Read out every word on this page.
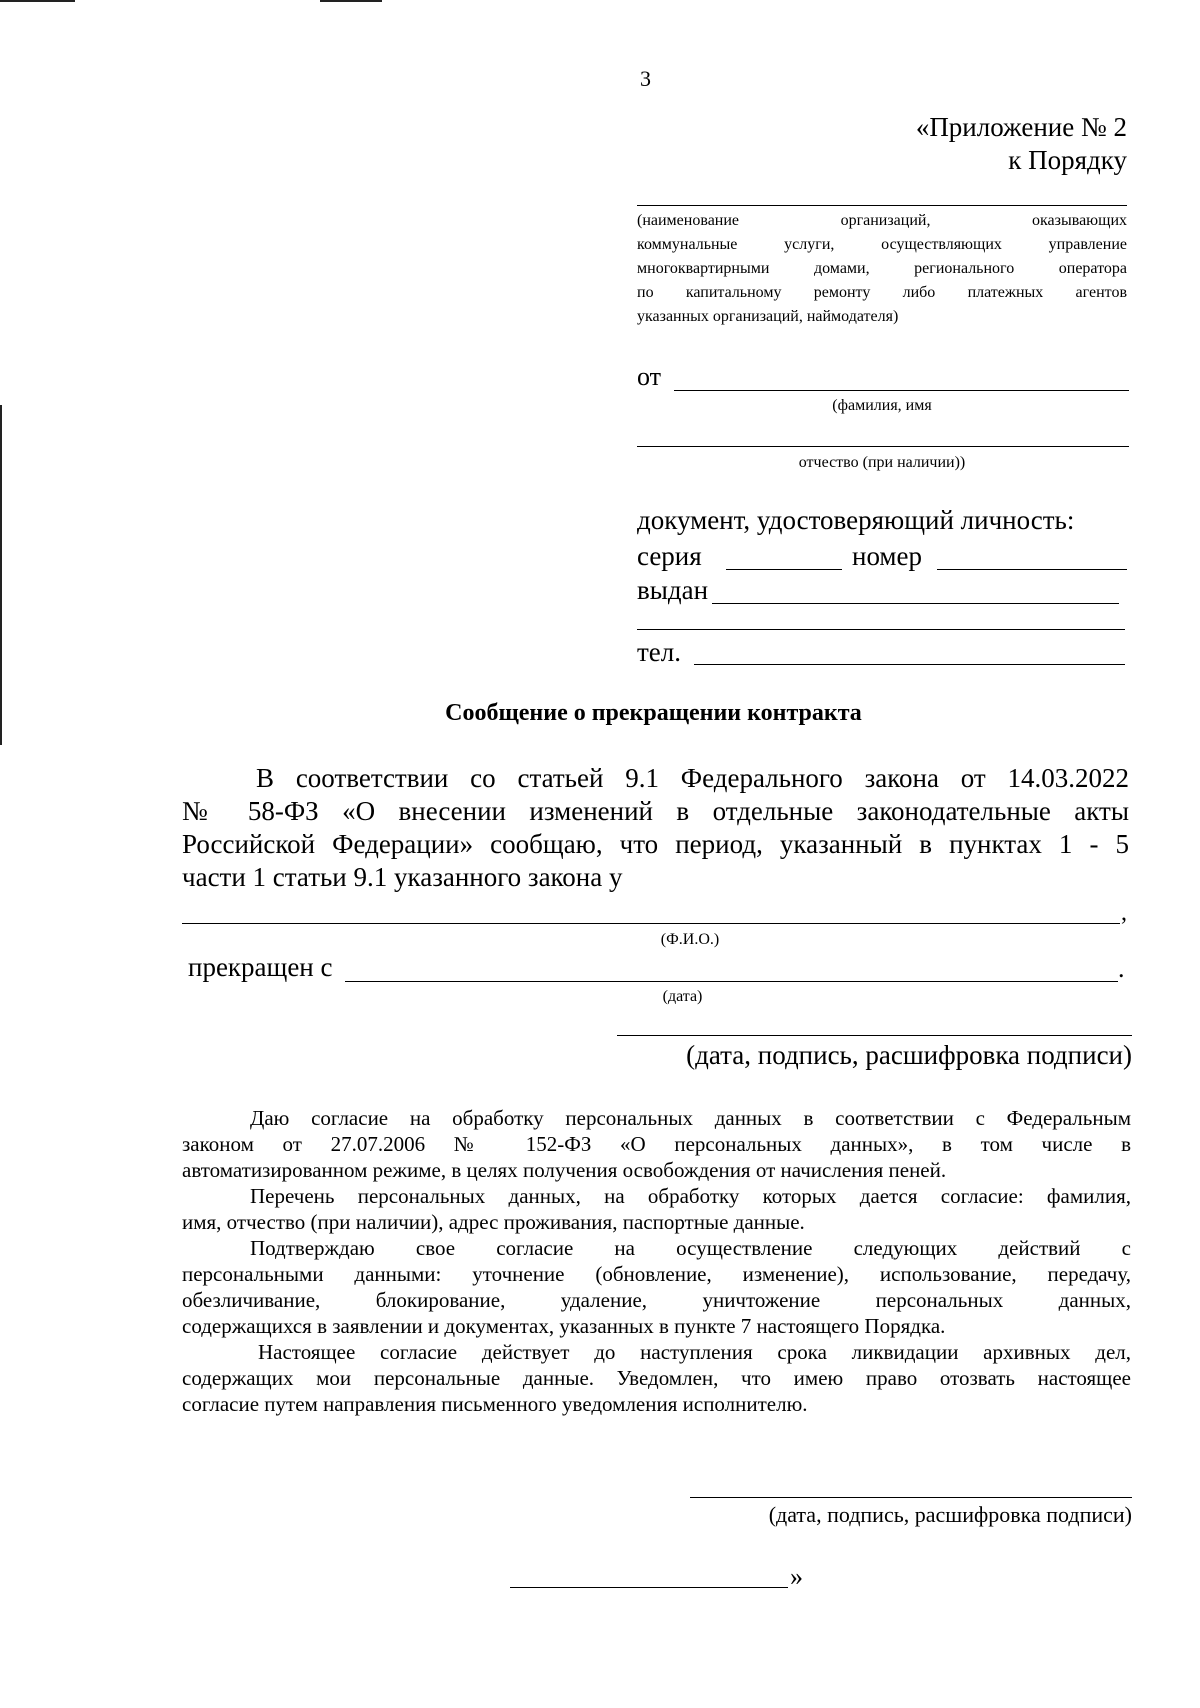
3
«Приложение № 2
к Порядку
(наименование	организаций,	оказывающих
коммунальные услуги, осуществляющих управление
многоквартирными домами, регионального оператора
по капитальному ремонту либо платежных агентов
указанных организаций, наймодателя)
от
(фамилия, имя
отчество (при наличии))
документ, удостоверяющий личность:
серия	номер
выдан
тел.
Сообщение о прекращении контракта
В соответствии со статьей 9.1 Федерального закона от 14.03.2022
№ 58-ФЗ «О внесении изменений в отдельные законодательные акты
Российской Федерации» сообщаю, что период, указанный в пунктах 1 - 5
части 1 статьи 9.1 указанного закона у
,
(Ф.И.О.)
прекращен с	.
(дата)
(дата, подпись, расшифровка подписи)
Даю согласие на обработку персональных данных в соответствии с Федеральным
законом от 27.07.2006 № 152-ФЗ «О персональных данных», в том числе в
автоматизированном режиме, в целях получения освобождения от начисления пеней.
Перечень персональных данных, на обработку которых дается согласие: фамилия,
имя, отчество (при наличии), адрес проживания, паспортные данные.
Подтверждаю свое согласие на осуществление следующих действий с
персональными данными: уточнение (обновление, изменение), использование, передачу,
обезличивание, блокирование, удаление, уничтожение персональных данных,
содержащихся в заявлении и документах, указанных в пункте 7 настоящего Порядка.
Настоящее согласие действует до наступления срока ликвидации архивных дел,
содержащих мои персональные данные. Уведомлен, что имею право отозвать настоящее
согласие путем направления письменного уведомления исполнителю.
(дата, подпись, расшифровка подписи)
»
